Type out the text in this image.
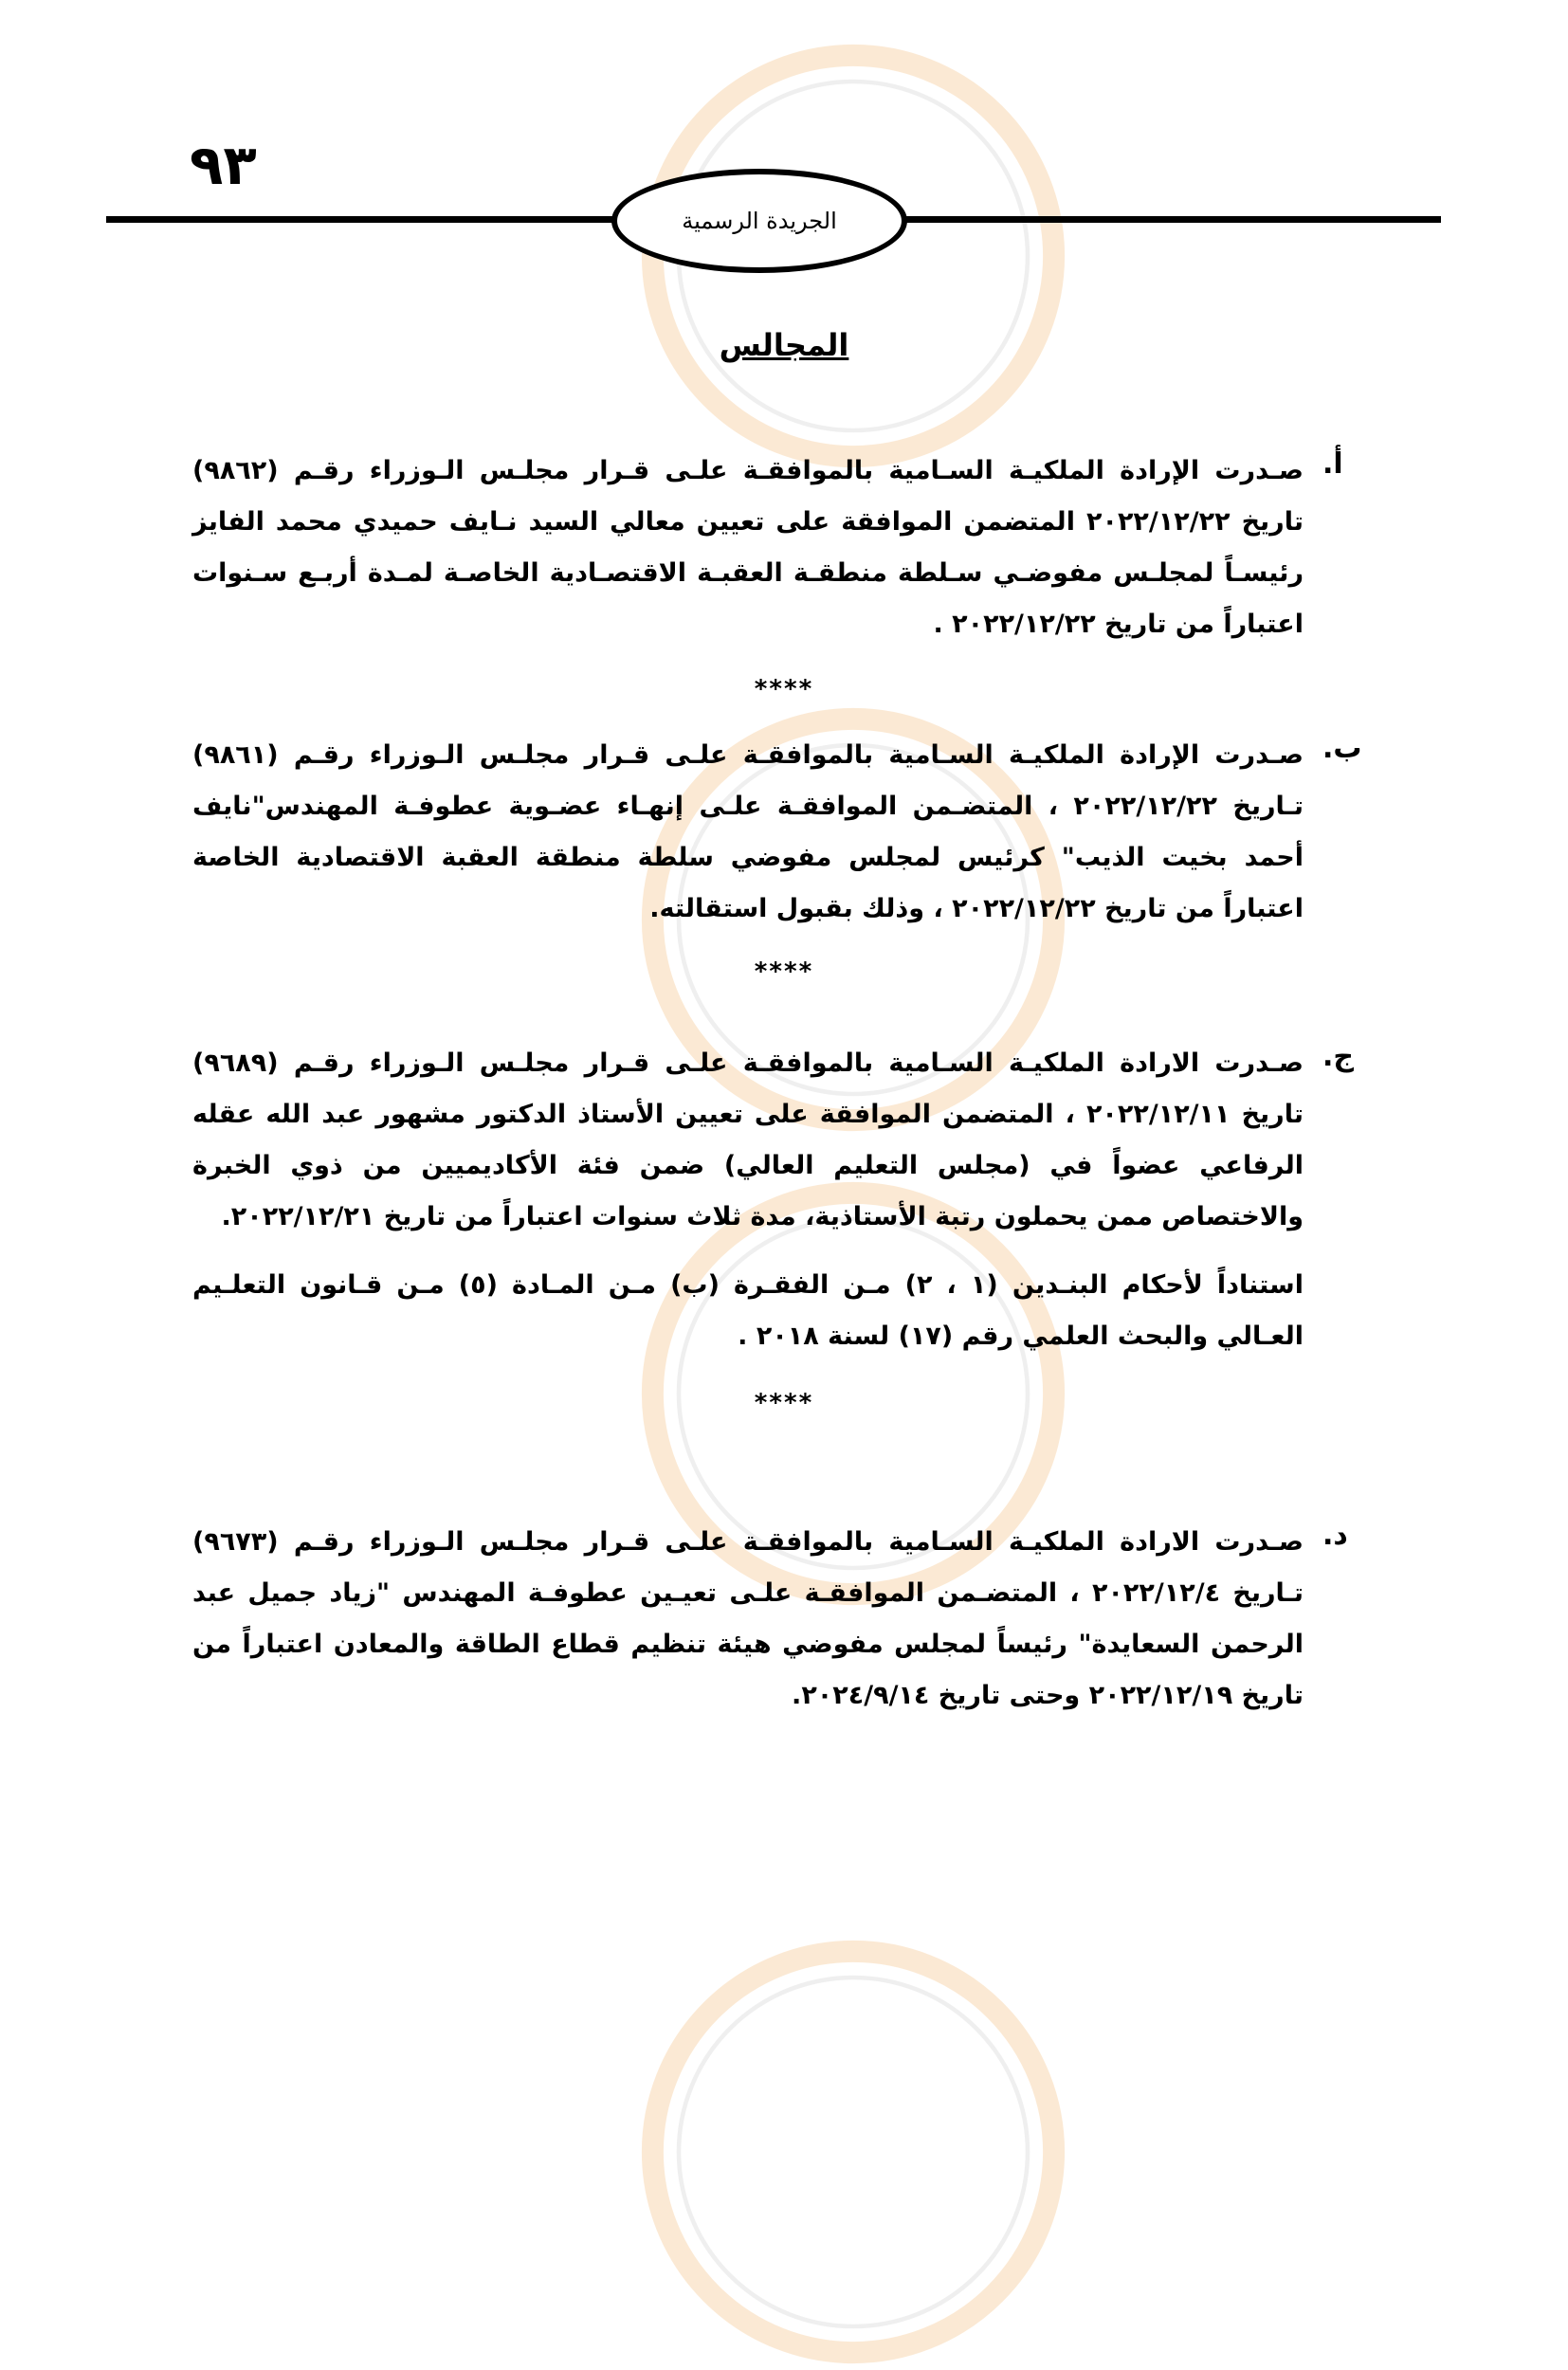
٩٣
الجريدة الرسمية
المجالس
أ.
صـدرت الإرادة الملكيـة السـامية بالموافقـة علـى قـرار مجلـس الـوزراء رقـم (٩٨٦٢) تاريخ ٢٠٢٢/١٢/٢٢ المتضمن الموافقة على تعيين معالي السيد نـايف حميدي محمد الفايز رئيسـاً لمجلـس مفوضـي سـلطة منطقـة العقبـة الاقتصـادية الخاصـة لمـدة أربـع سـنوات اعتباراً من تاريخ ٢٠٢٢/١٢/٢٢ .
****
ب.
صـدرت الإرادة الملكيـة السـامية بالموافقـة علـى قـرار مجلـس الـوزراء رقـم (٩٨٦١) تـاريخ ٢٠٢٢/١٢/٢٢ ، المتضـمن الموافقـة علـى إنهـاء عضـوية عطوفـة المهندس"نايف أحمد بخيت الذيب" كرئيس لمجلس مفوضي سلطة منطقة العقبة الاقتصادية الخاصة اعتباراً من تاريخ ٢٠٢٢/١٢/٢٢ ، وذلك بقبول استقالته.
****
ج.
صـدرت الارادة الملكيـة السـامية بالموافقـة علـى قـرار مجلـس الـوزراء رقـم (٩٦٨٩) تاريخ ٢٠٢٢/١٢/١١ ، المتضمن الموافقة على تعيين الأستاذ الدكتور مشهور عبد الله عقله الرفاعي عضواً في (مجلس التعليم العالي) ضمن فئة الأكاديميين من ذوي الخبرة والاختصاص ممن يحملون رتبة الأستاذية، مدة ثلاث سنوات اعتباراً من تاريخ ٢٠٢٢/١٢/٢١.
استناداً لأحكام البنـدين (١ ، ٢) مـن الفقـرة (ب) مـن المـادة (٥) مـن قـانون التعلـيم العـالي والبحث العلمي رقم (١٧) لسنة ٢٠١٨ .
****
د.
صـدرت الارادة الملكيـة السـامية بالموافقـة علـى قـرار مجلـس الـوزراء رقـم (٩٦٧٣) تـاريخ ٢٠٢٢/١٢/٤ ، المتضـمن الموافقـة علـى تعيـين عطوفـة المهندس "زياد جميل عبد الرحمن السعايدة" رئيساً لمجلس مفوضي هيئة تنظيم قطاع الطاقة والمعادن اعتباراً من تاريخ ٢٠٢٢/١٢/١٩ وحتى تاريخ ٢٠٢٤/٩/١٤.
